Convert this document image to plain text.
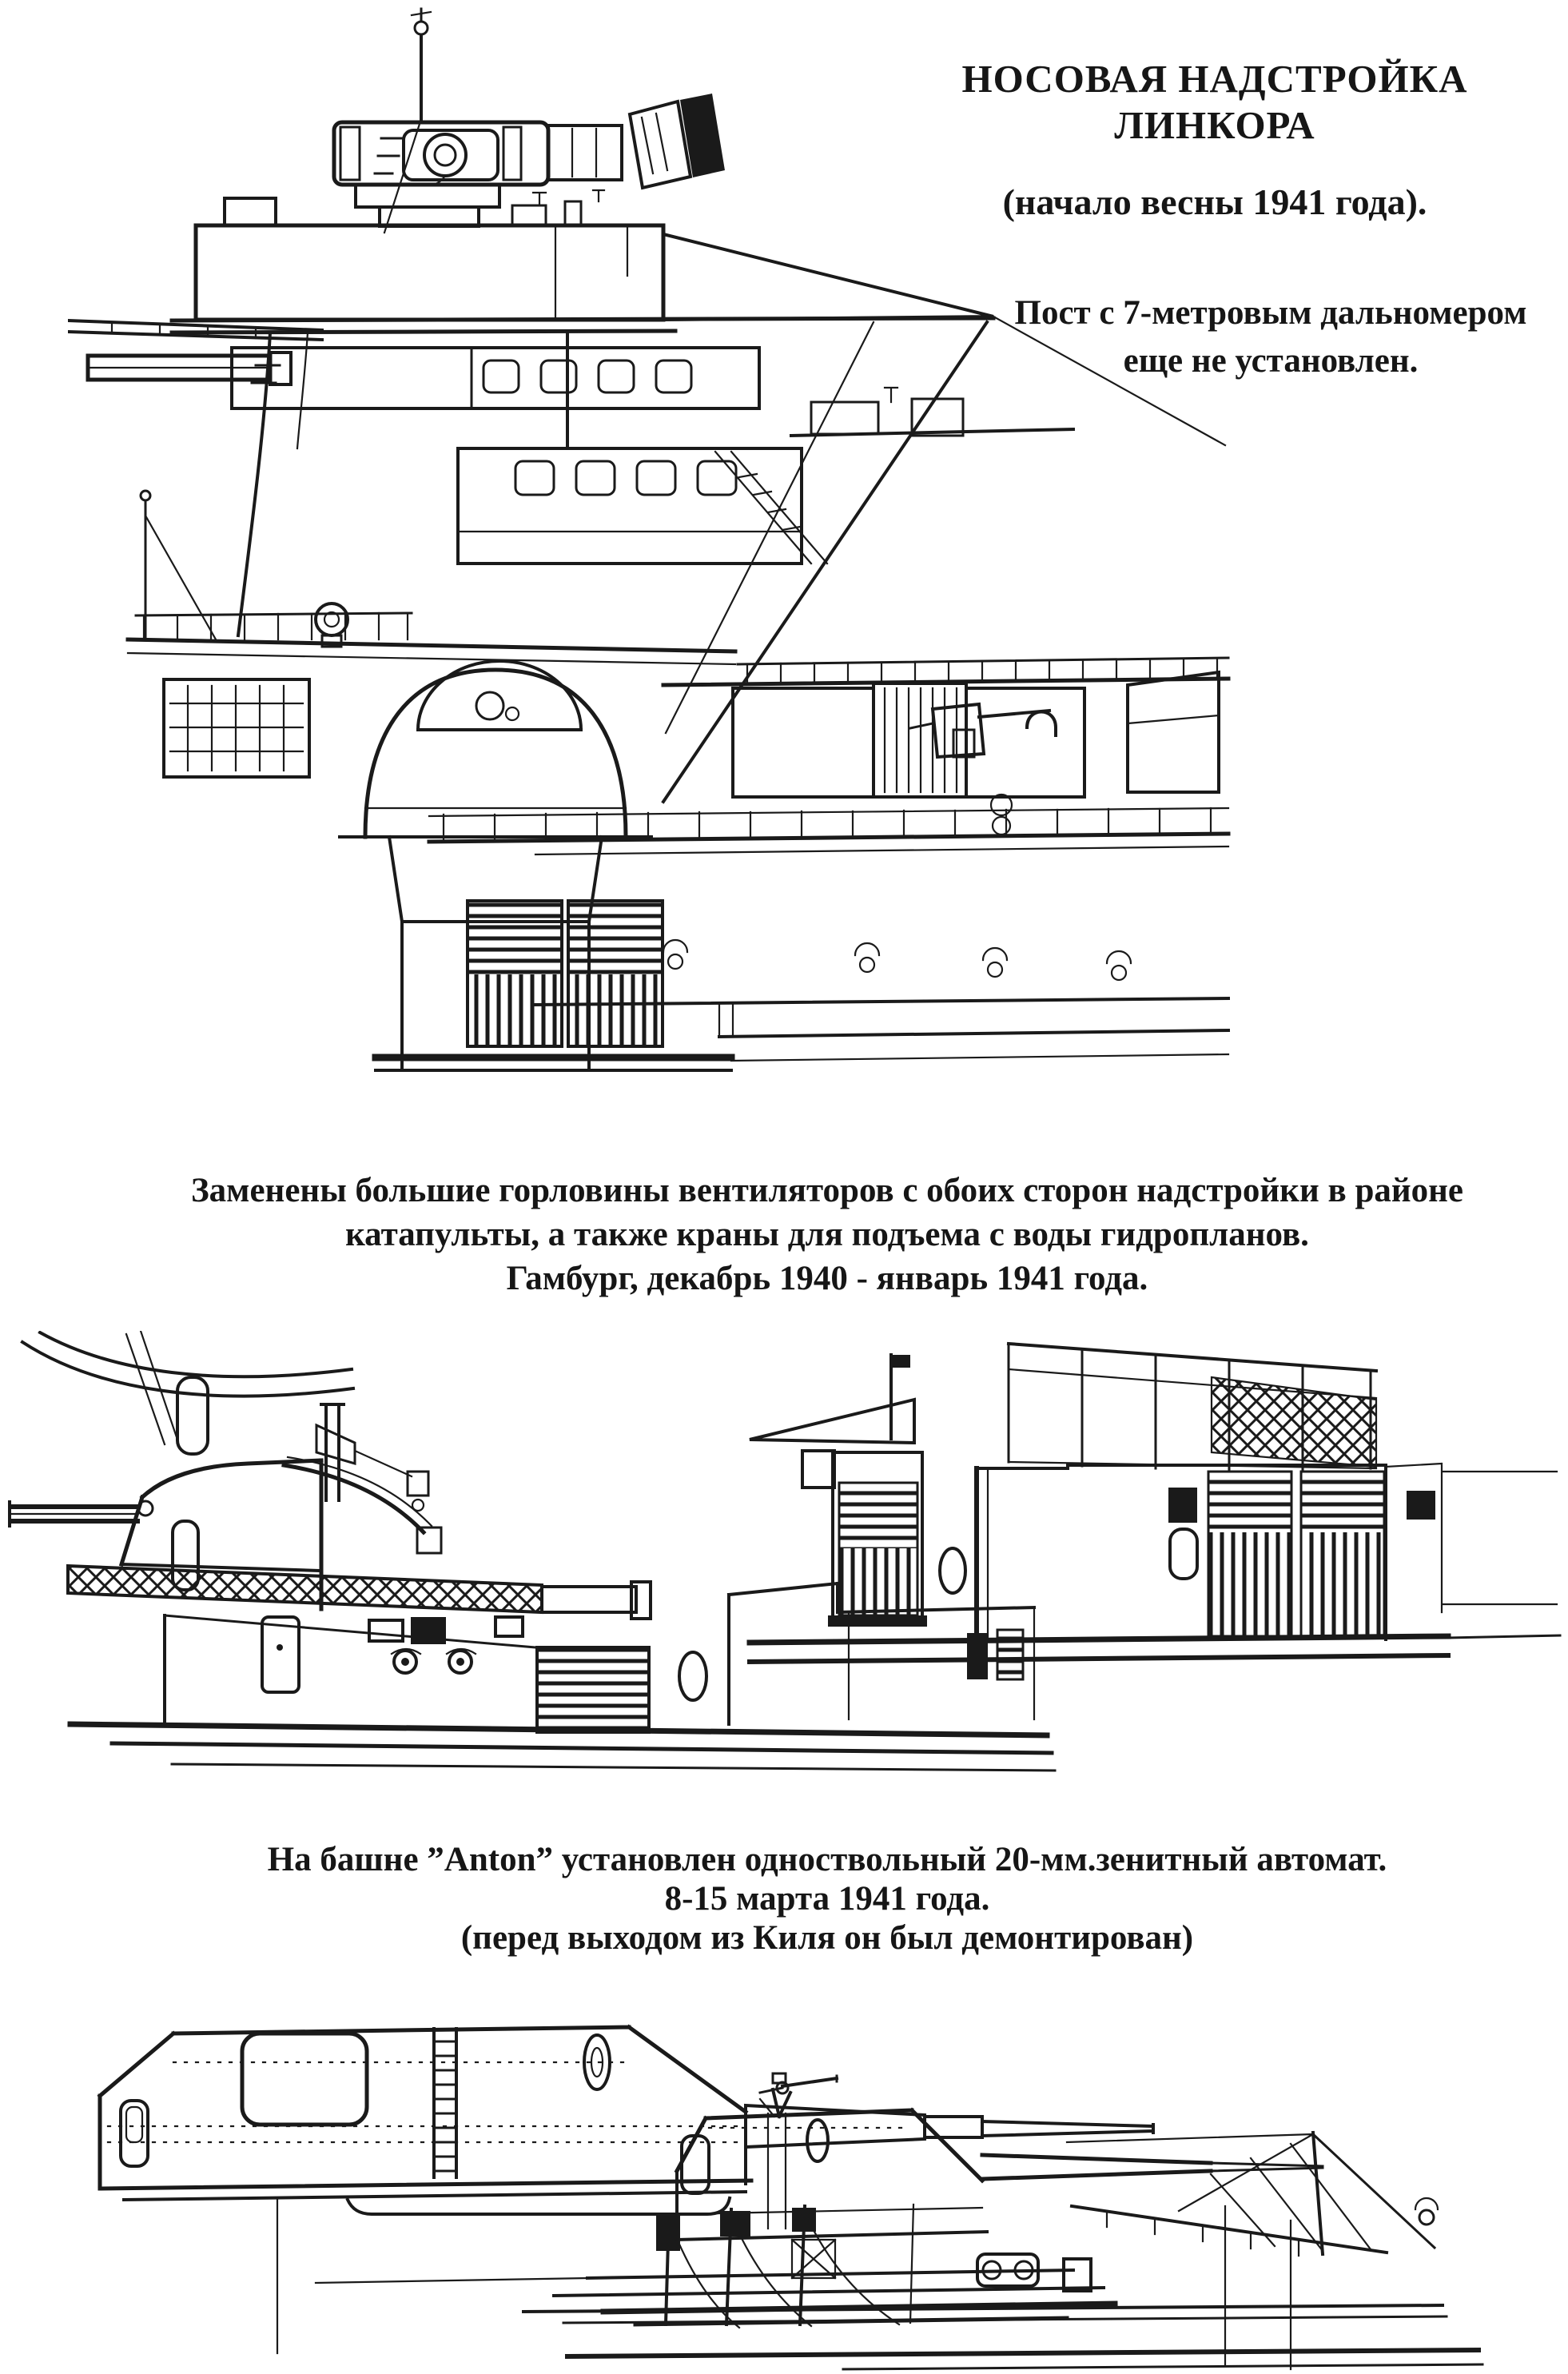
НОСОВАЯ НАДСТРОЙКА ЛИНКОРА
(начало весны 1941 года).
Пост с 7-метровым дальномером
еще не установлен.
Заменены большие горловины вентиляторов с обоих сторон надстройки в районе
катапульты, а также краны для подъема с воды гидропланов.
Гамбург, декабрь 1940 - январь 1941 года.
На башне ”Anton” установлен одноствольный 20-мм.зенитный автомат.
8-15 марта 1941 года.
(перед выходом из Киля он был демонтирован)
